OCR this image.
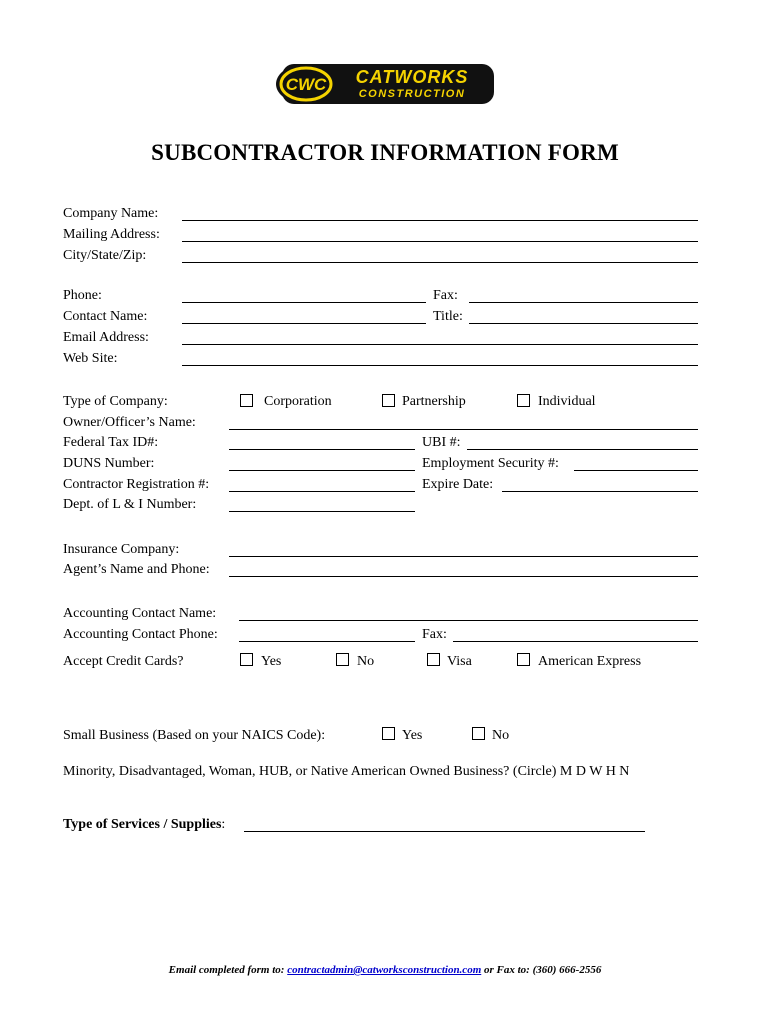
CWC CATWORKS
CONSTRUCTION
SUBCONTRACTOR INFORMATION FORM
Company Name:
Mailing Address:
City/State/Zip:
Phone:	Fax:
Contact Name:	Title:
Email Address:
Web Site:
Type of Company:	Corporation	Partnership	Individual
Owner/Officer’s Name:
Federal Tax ID#:	UBI #:
DUNS Number:	Employment Security #:
Contractor Registration #:	Expire Date:
Dept. of L & I Number:
Insurance Company:
Agent’s Name and Phone:
Accounting Contact Name:
Accounting Contact Phone:	Fax:
Accept Credit Cards?	Yes	No	Visa	American Express
Small Business (Based on your NAICS Code):	Yes	No
Minority, Disadvantaged, Woman, HUB, or Native American Owned Business? (Circle) M D W H N
Type of Services / Supplies:
Email completed form to: contractadmin@catworksconstruction.com or Fax to: (360) 666-2556
